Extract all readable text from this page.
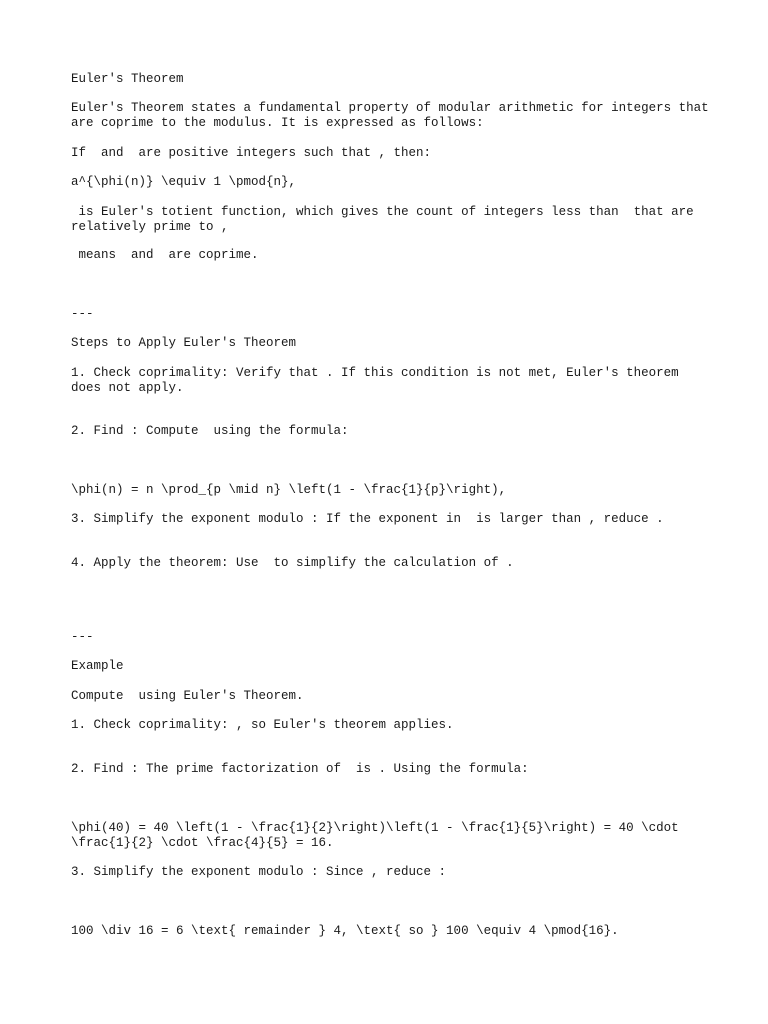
Euler's Theorem

Euler's Theorem states a fundamental property of modular arithmetic for integers that are coprime to the modulus. It is expressed as follows:

If  and  are positive integers such that , then:

a^{\phi(n)} \equiv 1 \pmod{n},

is Euler's totient function, which gives the count of integers less than  that are relatively prime to ,

means  and  are coprime.

---

Steps to Apply Euler's Theorem

1. Check coprimality: Verify that . If this condition is not met, Euler's theorem does not apply.

2. Find : Compute  using the formula:

\phi(n) = n \prod_{p \mid n} \left(1 - \frac{1}{p}\right),

3. Simplify the exponent modulo : If the exponent in  is larger than , reduce .

4. Apply the theorem: Use  to simplify the calculation of .

---

Example

Compute  using Euler's Theorem.

1. Check coprimality: , so Euler's theorem applies.

2. Find : The prime factorization of  is . Using the formula:

\phi(40) = 40 \left(1 - \frac{1}{2}\right)\left(1 - \frac{1}{5}\right) = 40 \cdot \frac{1}{2} \cdot \frac{4}{5} = 16.

3. Simplify the exponent modulo : Since , reduce :

100 \div 16 = 6 \text{ remainder } 4, \text{ so } 100 \equiv 4 \pmod{16}.
